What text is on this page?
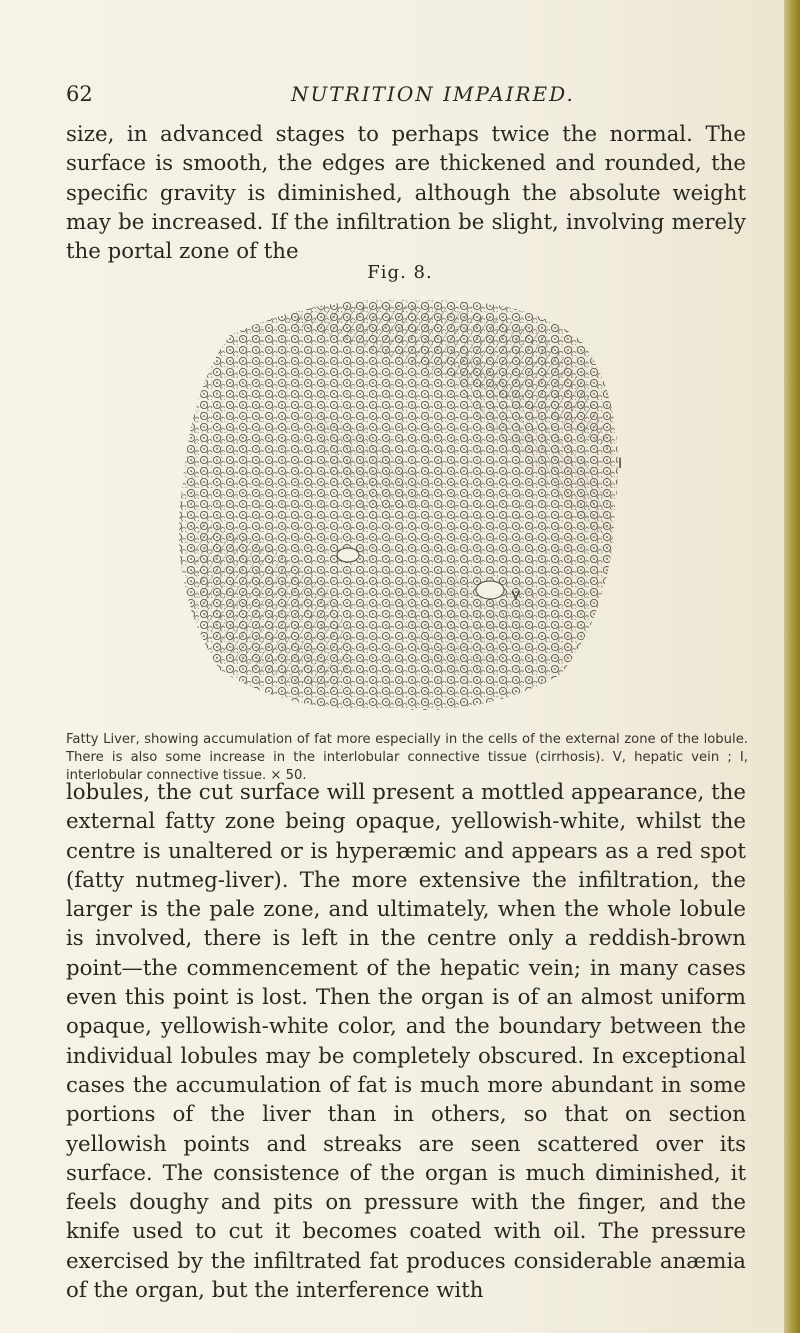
62	NUTRITION IMPAIRED.

size, in advanced stages to perhaps twice the normal. The surface is smooth, the edges are thickened and rounded, the specific gravity is diminished, although the absolute weight may be increased. If the infiltration be slight, involving merely the portal zone of the

Fig. 8.
I
V

Fatty Liver, showing accumulation of fat more especially in the cells of the external zone of the lobule. There is also some increase in the interlobular connective tissue (cirrhosis). V, hepatic vein ; I, interlobular connective tissue. × 50.

lobules, the cut surface will present a mottled appearance, the external fatty zone being opaque, yellowish-white, whilst the centre is unaltered or is hyperæmic and appears as a red spot (fatty nutmeg-liver). The more extensive the infiltration, the larger is the pale zone, and ultimately, when the whole lobule is involved, there is left in the centre only a reddish-brown point—the commencement of the hepatic vein; in many cases even this point is lost. Then the organ is of an almost uniform opaque, yellowish-white color, and the boundary between the individual lobules may be completely obscured. In exceptional cases the accumulation of fat is much more abundant in some portions of the liver than in others, so that on section yellowish points and streaks are seen scattered over its surface. The consistence of the organ is much diminished, it feels doughy and pits on pressure with the finger, and the knife used to cut it becomes coated with oil. The pressure exercised by the infiltrated fat produces considerable anæmia of the organ, but the interference with
